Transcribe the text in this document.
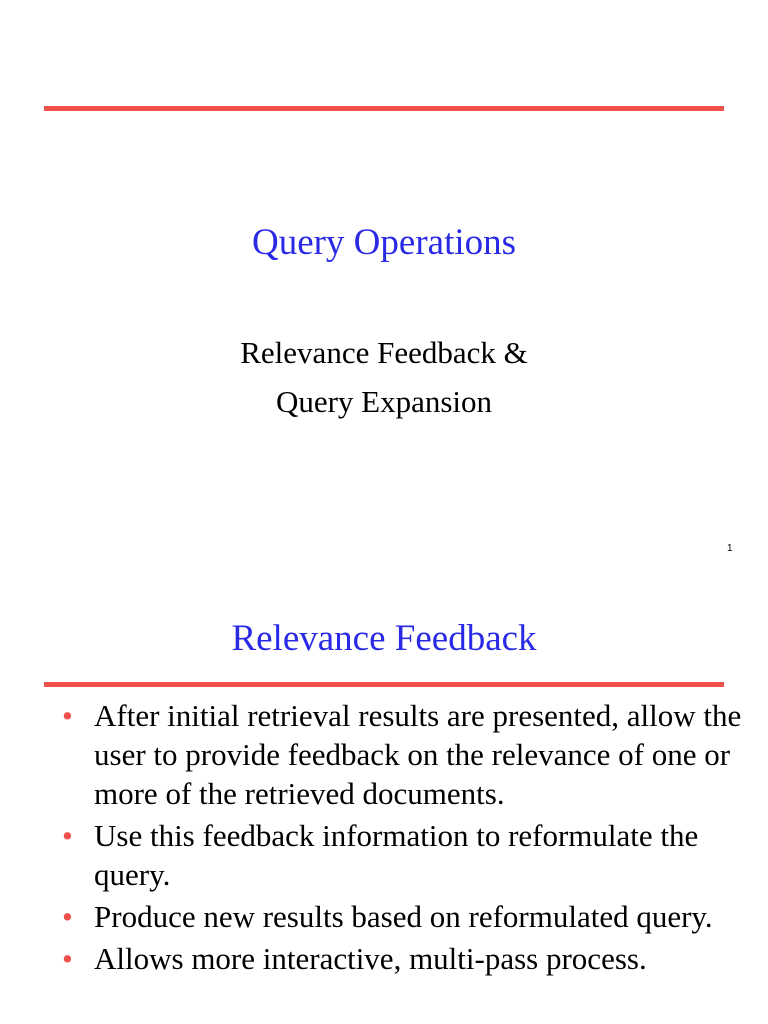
Query Operations
Relevance Feedback &
Query Expansion
1
Relevance Feedback
• After initial retrieval results are presented, allow the user to provide feedback on the relevance of one or more of the retrieved documents.
• Use this feedback information to reformulate the query.
• Produce new results based on reformulated query.
• Allows more interactive, multi-pass process.
